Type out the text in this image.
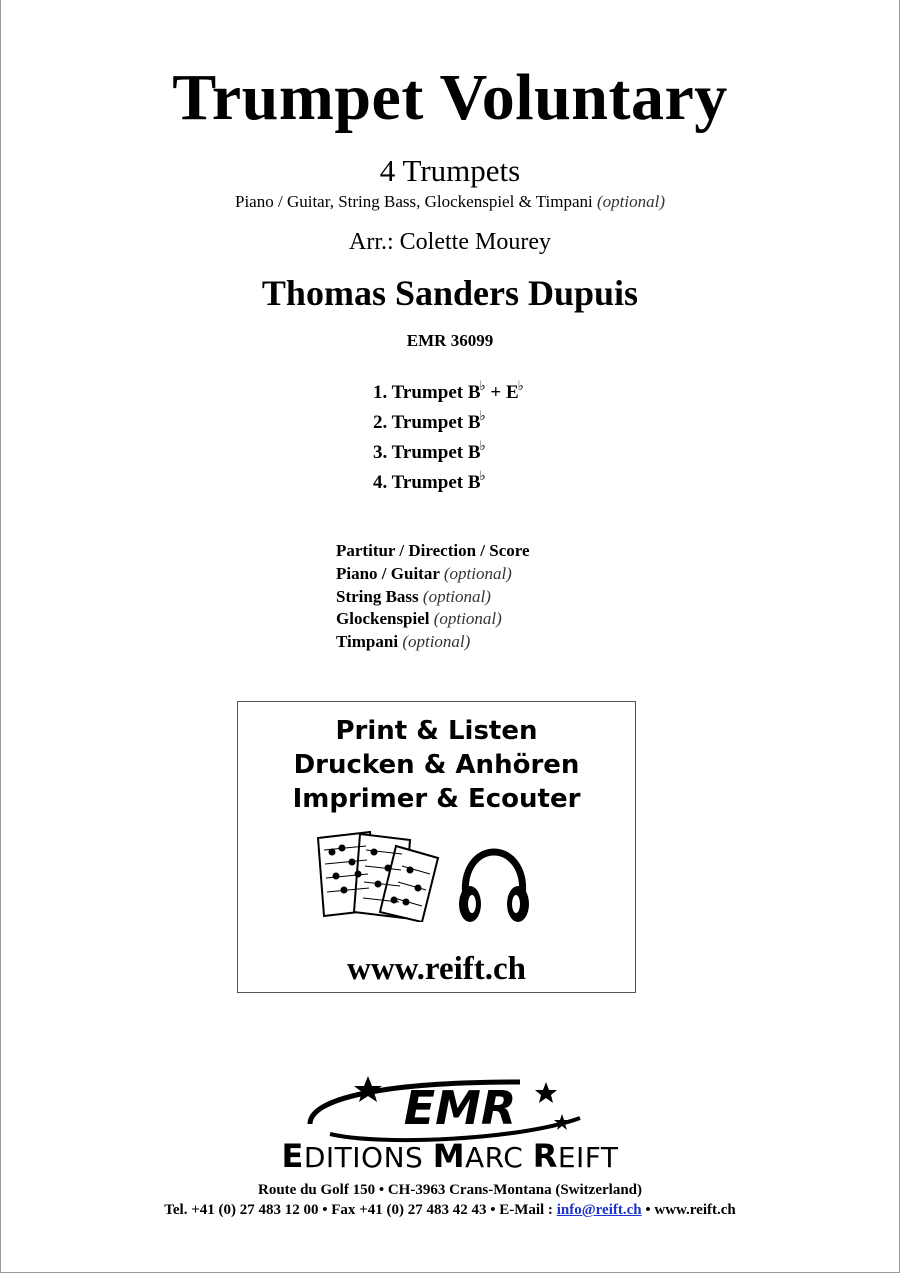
Trumpet Voluntary
4 Trumpets
Piano / Guitar, String Bass, Glockenspiel & Timpani (optional)
Arr.: Colette Mourey
Thomas Sanders Dupuis
EMR 36099
1. Trumpet B♭ + E♭
2. Trumpet B♭
3. Trumpet B♭
4. Trumpet B♭
Partitur / Direction / Score
Piano / Guitar (optional)
String Bass (optional)
Glockenspiel (optional)
Timpani (optional)
Print & Listen
Drucken & Anhören
Imprimer & Ecouter
www.reift.ch
EMR
EDITIONS MARC REIFT
Route du Golf 150 • CH-3963 Crans-Montana (Switzerland)
Tel. +41 (0) 27 483 12 00 • Fax +41 (0) 27 483 42 43 • E-Mail : info@reift.ch • www.reift.ch
